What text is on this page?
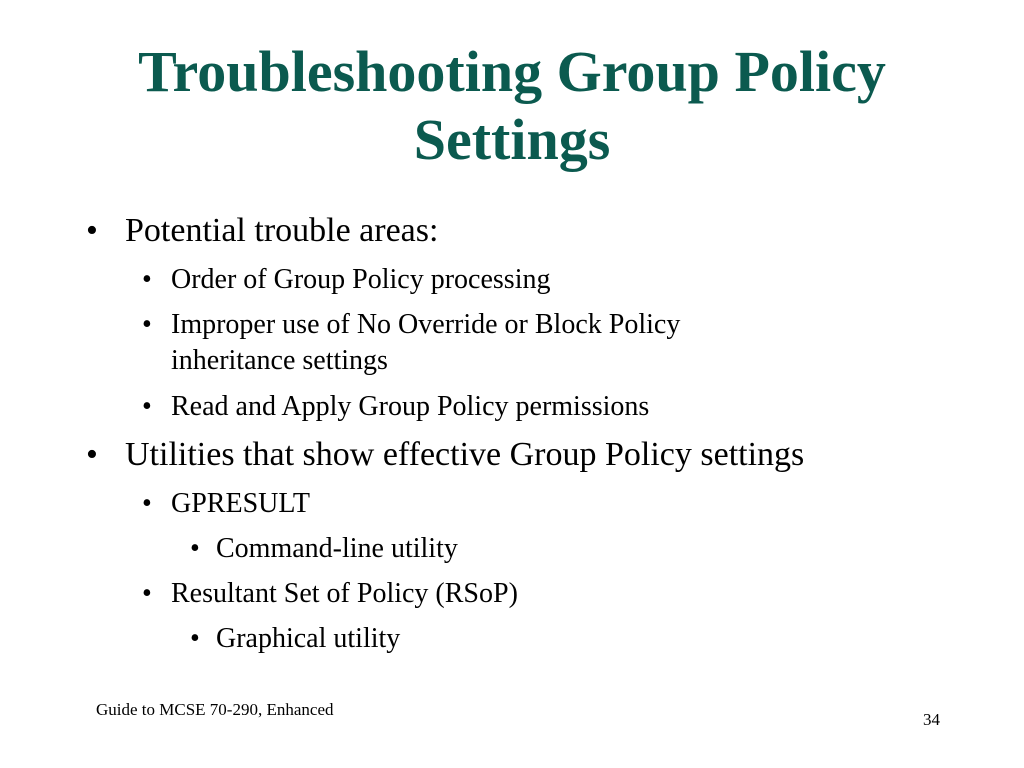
Troubleshooting Group Policy
Settings
• Potential trouble areas:
• Order of Group Policy processing
• Improper use of No Override or Block Policy
inheritance settings
• Read and Apply Group Policy permissions
• Utilities that show effective Group Policy settings
• GPRESULT
• Command-line utility
• Resultant Set of Policy (RSoP)
• Graphical utility
Guide to MCSE 70-290, Enhanced
34
